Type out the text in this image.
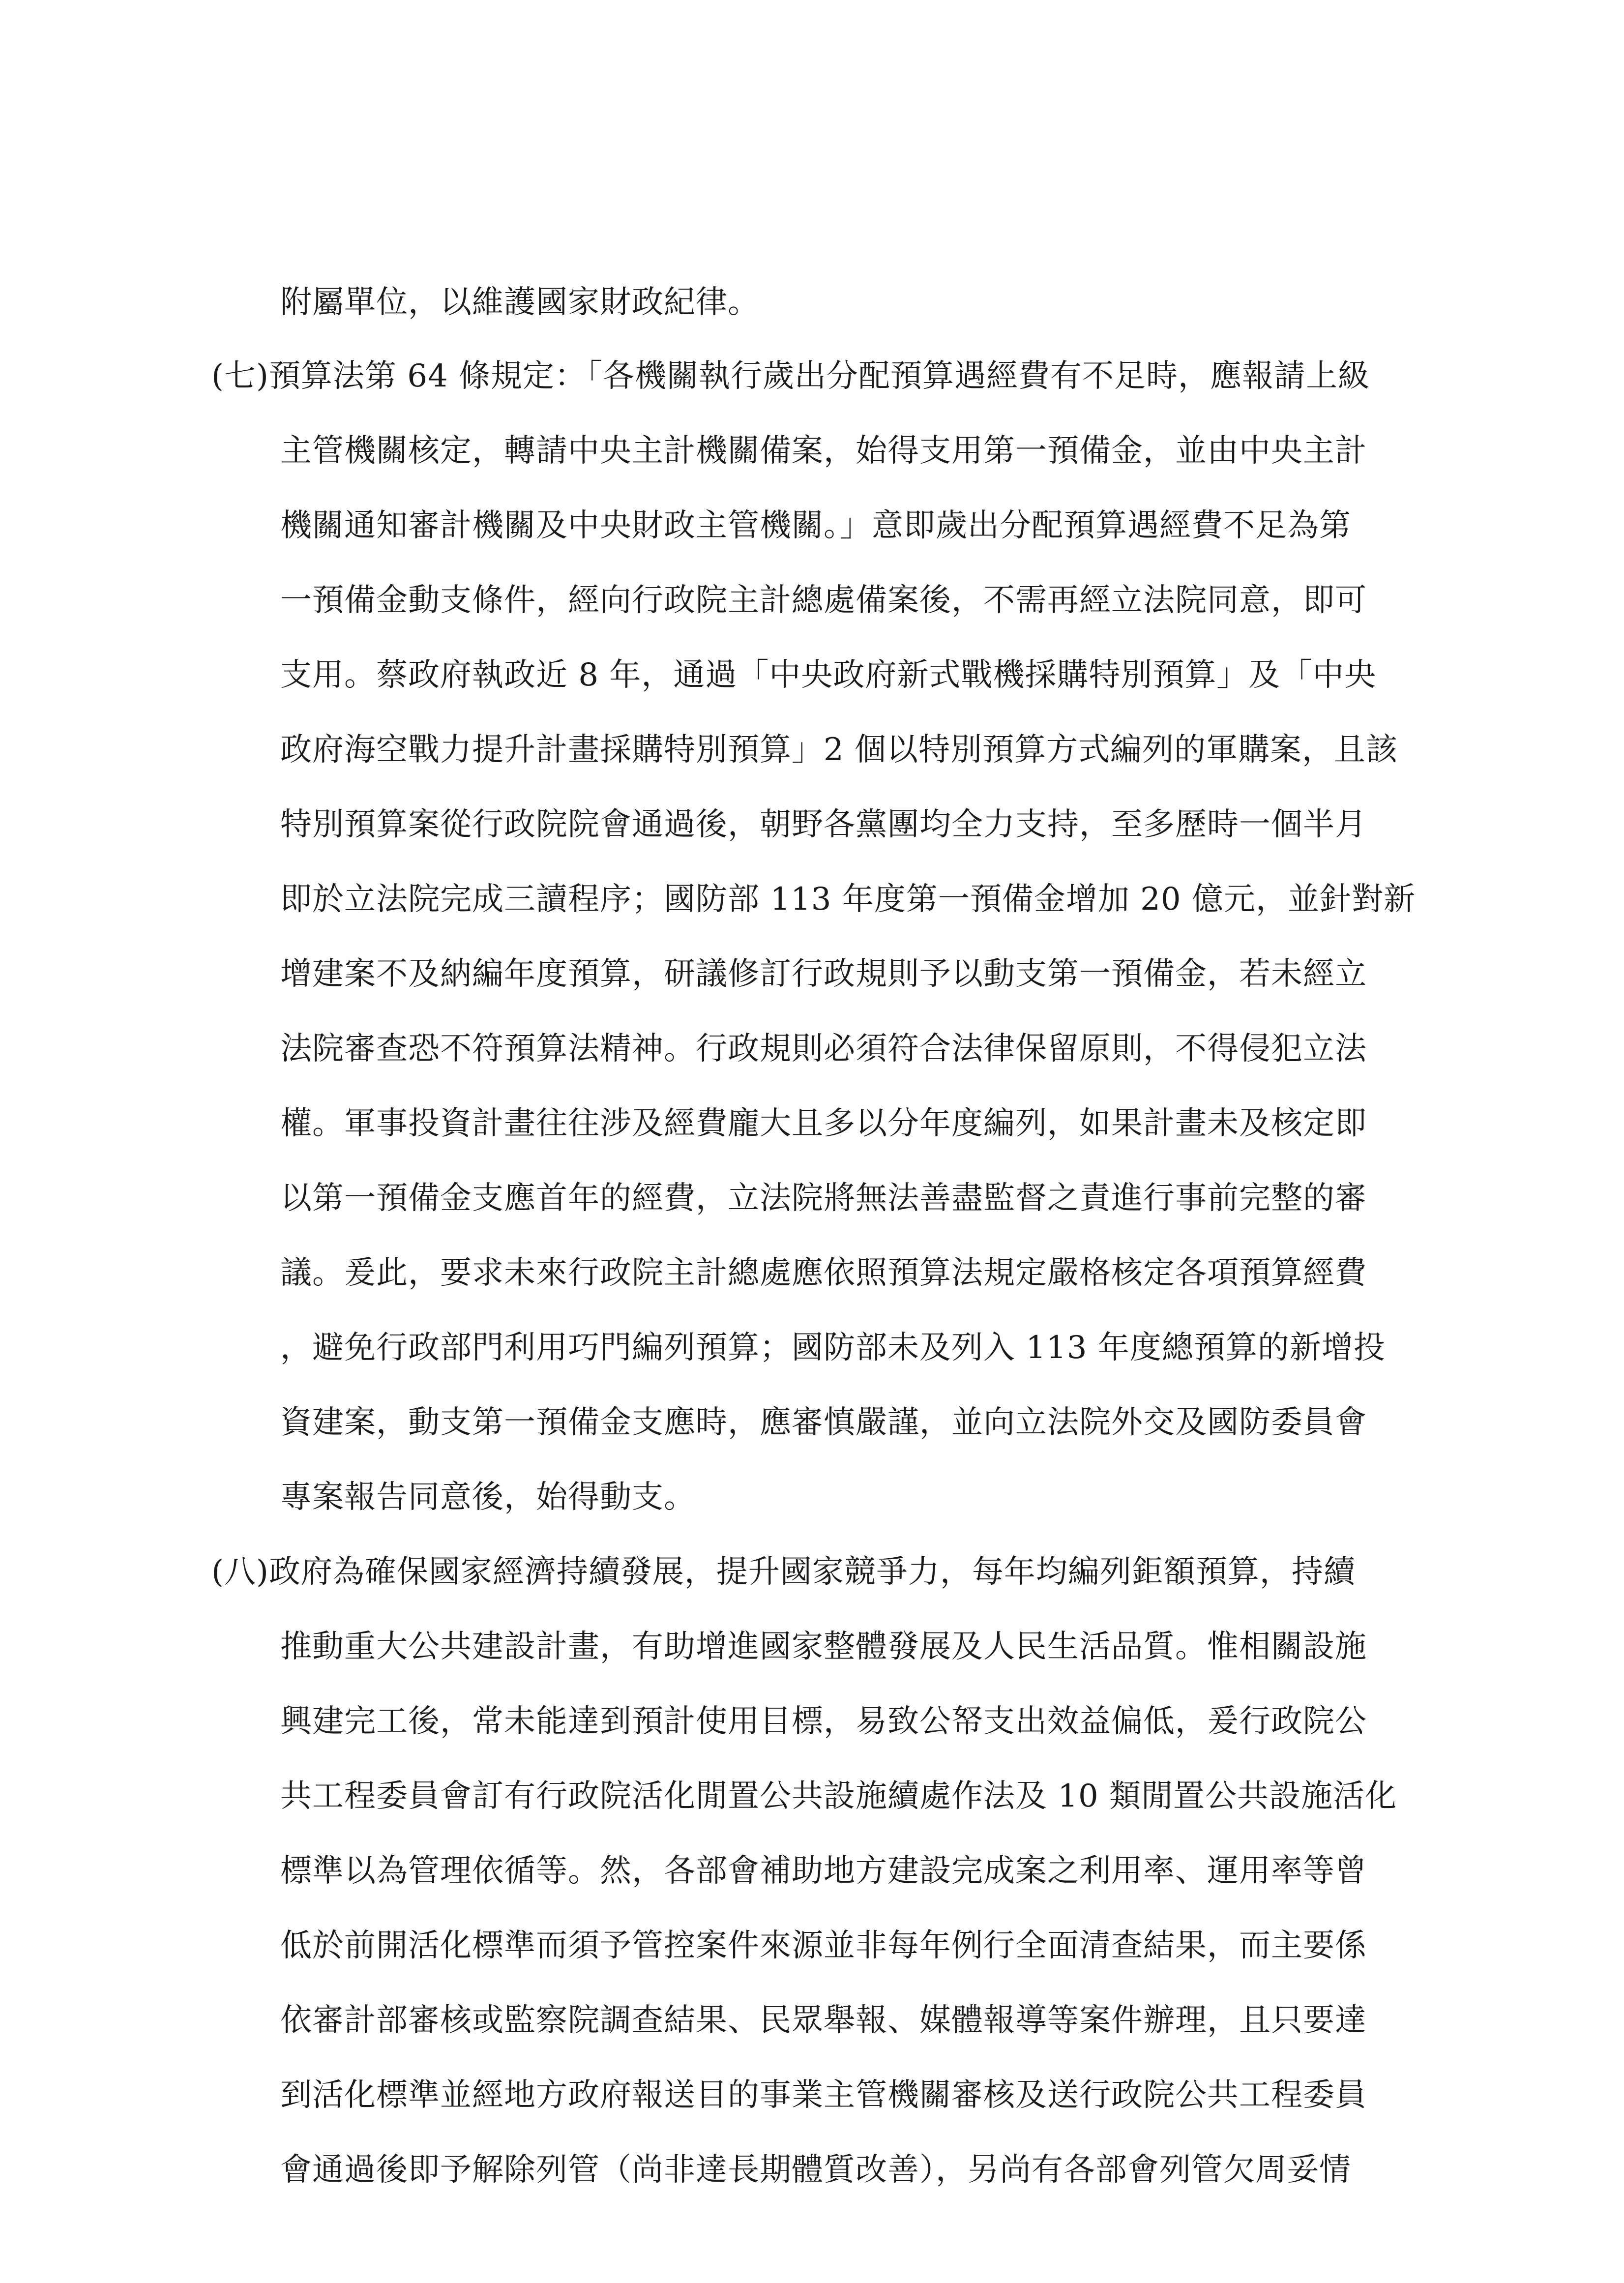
附屬單位，以維護國家財政紀律。
(七)預算法第 64 條規定：「各機關執行歲出分配預算遇經費有不足時，應報請上級
主管機關核定，轉請中央主計機關備案，始得支用第一預備金，並由中央主計
機關通知審計機關及中央財政主管機關。」意即歲出分配預算遇經費不足為第
一預備金動支條件，經向行政院主計總處備案後，不需再經立法院同意，即可
支用。蔡政府執政近 8 年，通過「中央政府新式戰機採購特別預算」及「中央
政府海空戰力提升計畫採購特別預算」2 個以特別預算方式編列的軍購案，且該
特別預算案從行政院院會通過後，朝野各黨團均全力支持，至多歷時一個半月
即於立法院完成三讀程序；國防部 113 年度第一預備金增加 20 億元，並針對新
增建案不及納編年度預算，研議修訂行政規則予以動支第一預備金，若未經立
法院審查恐不符預算法精神。行政規則必須符合法律保留原則，不得侵犯立法
權。軍事投資計畫往往涉及經費龐大且多以分年度編列，如果計畫未及核定即
以第一預備金支應首年的經費，立法院將無法善盡監督之責進行事前完整的審
議。爰此，要求未來行政院主計總處應依照預算法規定嚴格核定各項預算經費
，避免行政部門利用巧門編列預算；國防部未及列入 113 年度總預算的新增投
資建案，動支第一預備金支應時，應審慎嚴謹，並向立法院外交及國防委員會
專案報告同意後，始得動支。
(八)政府為確保國家經濟持續發展，提升國家競爭力，每年均編列鉅額預算，持續
推動重大公共建設計畫，有助增進國家整體發展及人民生活品質。惟相關設施
興建完工後，常未能達到預計使用目標，易致公帑支出效益偏低，爰行政院公
共工程委員會訂有行政院活化閒置公共設施續處作法及 10 類閒置公共設施活化
標準以為管理依循等。然，各部會補助地方建設完成案之利用率、運用率等曾
低於前開活化標準而須予管控案件來源並非每年例行全面清查結果，而主要係
依審計部審核或監察院調查結果、民眾舉報、媒體報導等案件辦理，且只要達
到活化標準並經地方政府報送目的事業主管機關審核及送行政院公共工程委員
會通過後即予解除列管（尚非達長期體質改善），另尚有各部會列管欠周妥情
